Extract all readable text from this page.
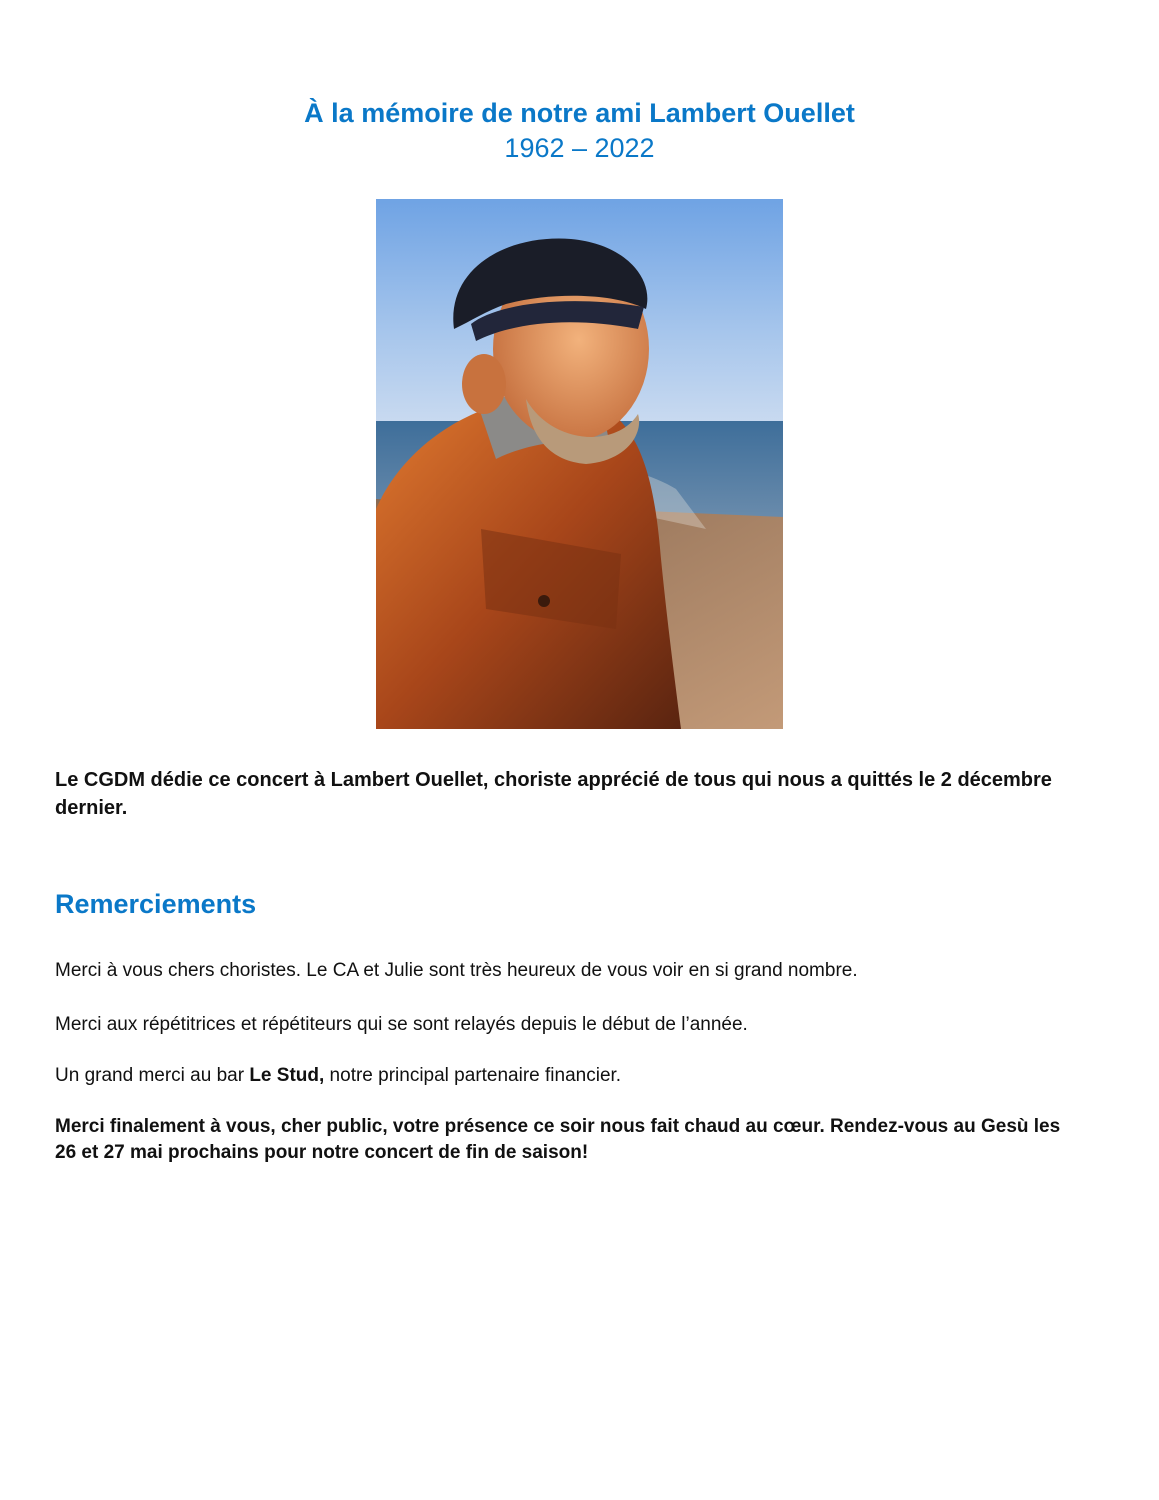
À la mémoire de notre ami Lambert Ouellet
1962 – 2022

Le CGDM dédie ce concert à Lambert Ouellet, choriste apprécié de tous qui nous a quittés le 2 décembre dernier.

Remerciements

Merci à vous chers choristes. Le CA et Julie sont très heureux de vous voir en si grand nombre.

Merci aux répétitrices et répétiteurs qui se sont relayés depuis le début de l’année.

Un grand merci au bar Le Stud, notre principal partenaire financier.

Merci finalement à vous, cher public, votre présence ce soir nous fait chaud au cœur. Rendez-vous au Gesù les 26 et 27 mai prochains pour notre concert de fin de saison!
